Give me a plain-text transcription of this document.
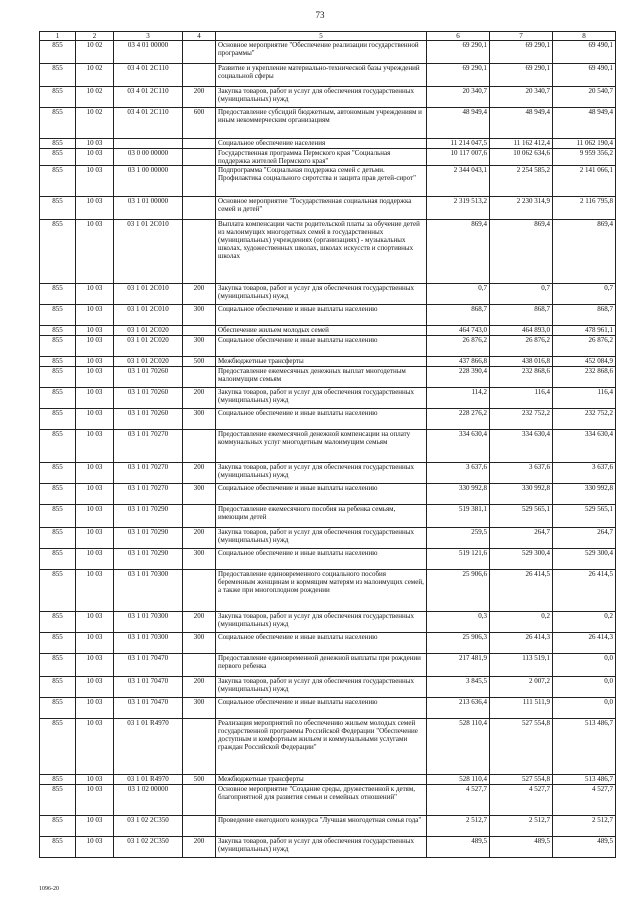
73
1	2	3	4	5	6	7	8
855	10 02	03 4 01 00000		Основное мероприятие "Обеспечение реализации государственной программы"	69 290,1	69 290,1	69 490,1
855	10 02	03 4 01 2С110		Развитие и укрепление материально-технической базы учреждений социальной сферы	69 290,1	69 290,1	69 490,1
855	10 02	03 4 01 2С110	200	Закупка товаров, работ и услуг для обеспечения государственных (муниципальных) нужд	20 340,7	20 340,7	20 540,7
855	10 02	03 4 01 2С110	600	Предоставление субсидий бюджетным, автономным учреждениям и иным некоммерческим организациям	48 949,4	48 949,4	48 949,4
855	10 03			Социальное обеспечение населения	11 214 047,5	11 162 412,4	11 062 190,4
855	10 03	03 0 00 00000		Государственная программа Пермского края "Социальная поддержка жителей Пермского края"	10 117 007,6	10 062 634,6	9 959 356,2
855	10 03	03 1 00 00000		Подпрограмма "Социальная поддержка семей с детьми. Профилактика социального сиротства и защита прав детей-сирот"	2 344 043,1	2 254 585,2	2 141 066,1
855	10 03	03 1 01 00000		Основное мероприятие "Государственная социальная поддержка семей и детей"	2 319 513,2	2 230 314,9	2 116 795,8
855	10 03	03 1 01 2С010		Выплата компенсации части родительской платы за обучение детей из малоимущих многодетных семей в государственных (муниципальных) учреждениях (организациях) - музыкальных школах, художественных школах, школах искусств и спортивных школах	869,4	869,4	869,4
855	10 03	03 1 01 2С010	200	Закупка товаров, работ и услуг для обеспечения государственных (муниципальных) нужд	0,7	0,7	0,7
855	10 03	03 1 01 2С010	300	Социальное обеспечение и иные выплаты населению	868,7	868,7	868,7
855	10 03	03 1 01 2С020		Обеспечение жильем молодых семей	464 743,0	464 893,0	478 961,1
855	10 03	03 1 01 2С020	300	Социальное обеспечение и иные выплаты населению	26 876,2	26 876,2	26 876,2
855	10 03	03 1 01 2С020	500	Межбюджетные трансферты	437 866,8	438 016,8	452 084,9
855	10 03	03 1 01 70260		Предоставление ежемесячных денежных выплат многодетным малоимущим семьям	228 390,4	232 868,6	232 868,6
855	10 03	03 1 01 70260	200	Закупка товаров, работ и услуг для обеспечения государственных (муниципальных) нужд	114,2	116,4	116,4
855	10 03	03 1 01 70260	300	Социальное обеспечение и иные выплаты населению	228 276,2	232 752,2	232 752,2
855	10 03	03 1 01 70270		Предоставление ежемесячной денежной компенсации на оплату коммунальных услуг многодетным малоимущим семьям	334 630,4	334 630,4	334 630,4
855	10 03	03 1 01 70270	200	Закупка товаров, работ и услуг для обеспечения государственных (муниципальных) нужд	3 637,6	3 637,6	3 637,6
855	10 03	03 1 01 70270	300	Социальное обеспечение и иные выплаты населению	330 992,8	330 992,8	330 992,8
855	10 03	03 1 01 70290		Предоставление ежемесячного пособия на ребенка семьям, имеющим детей	519 381,1	529 565,1	529 565,1
855	10 03	03 1 01 70290	200	Закупка товаров, работ и услуг для обеспечения государственных (муниципальных) нужд	259,5	264,7	264,7
855	10 03	03 1 01 70290	300	Социальное обеспечение и иные выплаты населению	519 121,6	529 300,4	529 300,4
855	10 03	03 1 01 70300		Предоставление единовременного социального пособия беременным женщинам и кормящим матерям из малоимущих семей, а также при многоплодном рождении	25 906,6	26 414,5	26 414,5
855	10 03	03 1 01 70300	200	Закупка товаров, работ и услуг для обеспечения государственных (муниципальных) нужд	0,3	0,2	0,2
855	10 03	03 1 01 70300	300	Социальное обеспечение и иные выплаты населению	25 906,3	26 414,3	26 414,3
855	10 03	03 1 01 70470		Предоставление единовременной денежной выплаты при рождении первого ребенка	217 481,9	113 519,1	0,0
855	10 03	03 1 01 70470	200	Закупка товаров, работ и услуг для обеспечения государственных (муниципальных) нужд	3 845,5	2 007,2	0,0
855	10 03	03 1 01 70470	300	Социальное обеспечение и иные выплаты населению	213 636,4	111 511,9	0,0
855	10 03	03 1 01 R4970		Реализация мероприятий по обеспечению жильем молодых семей государственной программы Российской Федерации "Обеспечение доступным и комфортным жильем и коммунальными услугами граждан Российской Федерации"	528 110,4	527 554,8	513 486,7
855	10 03	03 1 01 R4970	500	Межбюджетные трансферты	528 110,4	527 554,8	513 486,7
855	10 03	03 1 02 00000		Основное мероприятие "Создание среды, дружественной к детям, благоприятной для развития семьи и семейных отношений"	4 527,7	4 527,7	4 527,7
855	10 03	03 1 02 2С350		Проведение ежегодного конкурса "Лучшая многодетная семья года"	2 512,7	2 512,7	2 512,7
855	10 03	03 1 02 2С350	200	Закупка товаров, работ и услуг для обеспечения государственных (муниципальных) нужд	489,5	489,5	489,5
1096-20
